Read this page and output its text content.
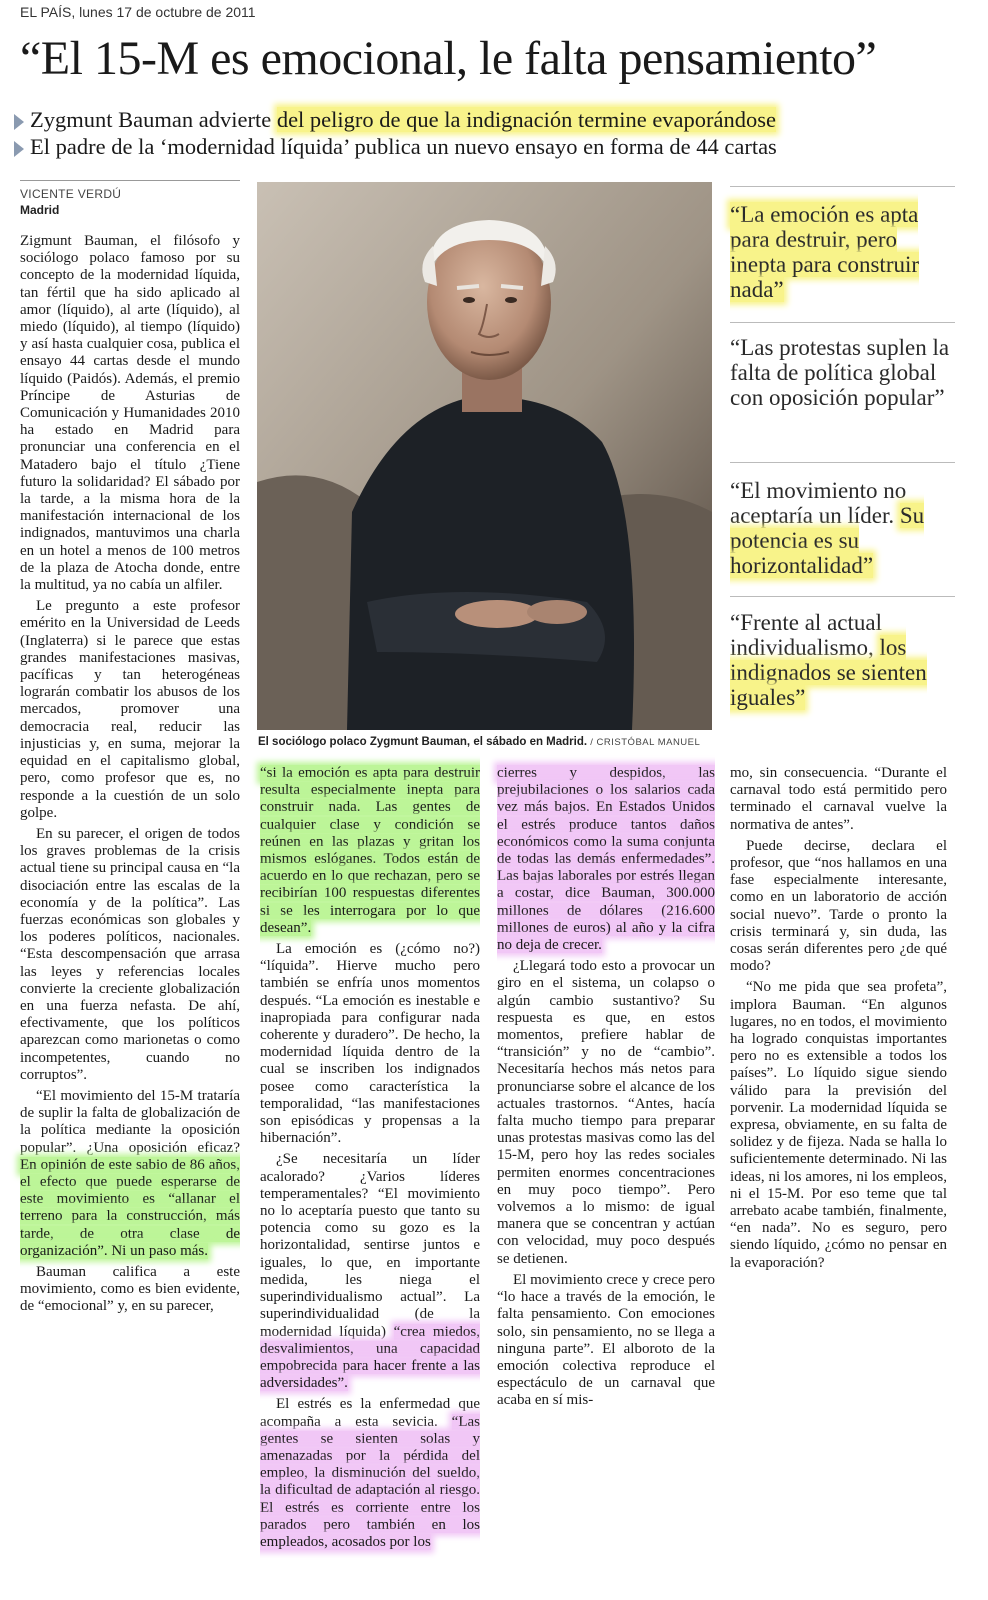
EL PAÍS, lunes 17 de octubre de 2011
“El 15-M es emocional, le falta pensamiento”
Zygmunt Bauman advierte del peligro de que la indignación termine evaporándose
El padre de la ‘modernidad líquida’ publica un nuevo ensayo en forma de 44 cartas
VICENTE VERDÚ
Madrid

Zigmunt Bauman, el filósofo y sociólogo polaco famoso por su concepto de la modernidad líquida, tan fértil que ha sido aplicado al amor (líquido), al arte (líquido), al miedo (líquido), al tiempo (líquido) y así hasta cualquier cosa, publica el ensayo 44 cartas desde el mundo líquido (Paidós). Además, el premio Príncipe de Asturias de Comunicación y Humanidades 2010 ha estado en Madrid para pronunciar una conferencia en el Matadero bajo el título ¿Tiene futuro la solidaridad? El sábado por la tarde, a la misma hora de la manifestación internacional de los indignados, mantuvimos una charla en un hotel a menos de 100 metros de la plaza de Atocha donde, entre la multitud, ya no cabía un alfiler.

Le pregunto a este profesor emérito en la Universidad de Leeds (Inglaterra) si le parece que estas grandes manifestaciones masivas, pacíficas y tan heterogéneas lograrán combatir los abusos de los mercados, promover una democracia real, reducir las injusticias y, en suma, mejorar la equidad en el capitalismo global, pero, como profesor que es, no responde a la cuestión de un solo golpe.

En su parecer, el origen de todos los graves problemas de la crisis actual tiene su principal causa en “la disociación entre las escalas de la economía y de la política”. Las fuerzas económicas son globales y los poderes políticos, nacionales. “Esta descompensación que arrasa las leyes y referencias locales convierte la creciente globalización en una fuerza nefasta. De ahí, efectivamente, que los políticos aparezcan como marionetas o como incompetentes, cuando no corruptos”.

“El movimiento del 15-M trataría de suplir la falta de globalización de la política mediante la oposición popular”. ¿Una oposición eficaz? En opinión de este sabio de 86 años, el efecto que puede esperarse de este movimiento es “allanar el terreno para la construcción, más tarde, de otra clase de organización”. Ni un paso más.

Bauman califica a este movimiento, como es bien evidente, de “emocional” y, en su parecer,

El sociólogo polaco Zygmunt Bauman, el sábado en Madrid. / CRISTÓBAL MANUEL
“La emoción es apta para destruir, pero inepta para construir nada”
“Las protestas suplen la falta de política global con oposición popular”
“El movimiento no aceptaría un líder. Su potencia es su horizontalidad”
“Frente al actual individualismo, los indignados se sienten iguales”

“si la emoción es apta para destruir resulta especialmente inepta para construir nada. Las gentes de cualquier clase y condición se reúnen en las plazas y gritan los mismos eslóganes. Todos están de acuerdo en lo que rechazan, pero se recibirían 100 respuestas diferentes si se les interrogara por lo que desean”.

La emoción es (¿cómo no?) “líquida”. Hierve mucho pero también se enfría unos momentos después. “La emoción es inestable e inapropiada para configurar nada coherente y duradero”. De hecho, la modernidad líquida dentro de la cual se inscriben los indignados posee como característica la temporalidad, “las manifestaciones son episódicas y propensas a la hibernación”.

¿Se necesitaría un líder acalorado? ¿Varios líderes temperamentales? “El movimiento no lo aceptaría puesto que tanto su potencia como su gozo es la horizontalidad, sentirse juntos e iguales, lo que, en importante medida, les niega el superindividualismo actual”. La superindividualidad (de la modernidad líquida) “crea miedos, desvalimientos, una capacidad empobrecida para hacer frente a las adversidades”.

El estrés es la enfermedad que acompaña a esta sevicia. “Las gentes se sienten solas y amenazadas por la pérdida del empleo, la disminución del sueldo, la dificultad de adaptación al riesgo. El estrés es corriente entre los parados pero también en los empleados, acosados por los

cierres y despidos, las prejubilaciones o los salarios cada vez más bajos. En Estados Unidos el estrés produce tantos daños económicos como la suma conjunta de todas las demás enfermedades”. Las bajas laborales por estrés llegan a costar, dice Bauman, 300.000 millones de dólares (216.600 millones de euros) al año y la cifra no deja de crecer.

¿Llegará todo esto a provocar un giro en el sistema, un colapso o algún cambio sustantivo? Su respuesta es que, en estos momentos, prefiere hablar de “transición” y no de “cambio”. Necesitaría hechos más netos para pronunciarse sobre el alcance de los actuales trastornos. “Antes, hacía falta mucho tiempo para preparar unas protestas masivas como las del 15-M, pero hoy las redes sociales permiten enormes concentraciones en muy poco tiempo”. Pero volvemos a lo mismo: de igual manera que se concentran y actúan con velocidad, muy poco después se detienen.

El movimiento crece y crece pero “lo hace a través de la emoción, le falta pensamiento. Con emociones solo, sin pensamiento, no se llega a ninguna parte”. El alboroto de la emoción colectiva reproduce el espectáculo de un carnaval que acaba en sí mis-

mo, sin consecuencia. “Durante el carnaval todo está permitido pero terminado el carnaval vuelve la normativa de antes”.

Puede decirse, declara el profesor, que “nos hallamos en una fase especialmente interesante, como en un laboratorio de acción social nuevo”. Tarde o pronto la crisis terminará y, sin duda, las cosas serán diferentes pero ¿de qué modo?

“No me pida que sea profeta”, implora Bauman. “En algunos lugares, no en todos, el movimiento ha logrado conquistas importantes pero no es extensible a todos los países”. Lo líquido sigue siendo válido para la previsión del porvenir. La modernidad líquida se expresa, obviamente, en su falta de solidez y de fijeza. Nada se halla lo suficientemente determinado. Ni las ideas, ni los amores, ni los empleos, ni el 15-M. Por eso teme que tal arrebato acabe también, finalmente, “en nada”. No es seguro, pero siendo líquido, ¿cómo no pensar en la evaporación?
